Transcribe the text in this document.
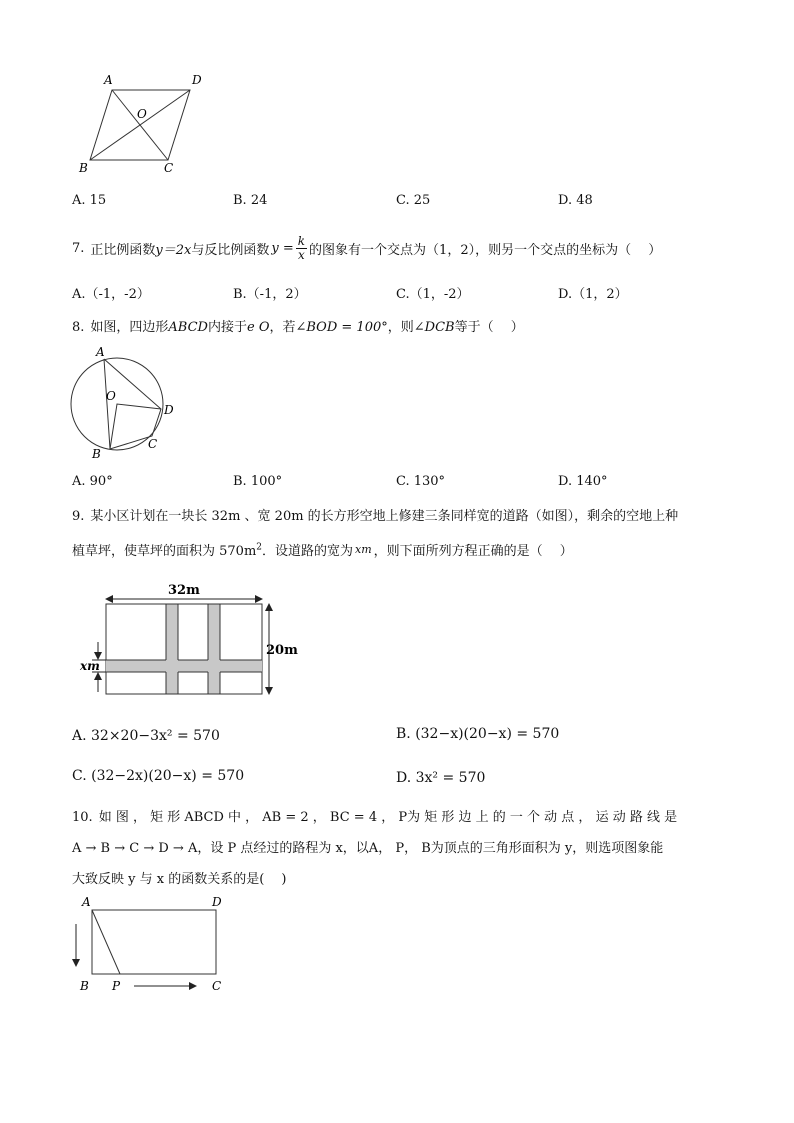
A	D
O
B	C
A. 15	B. 24	C. 25	D. 48
7. 正比例函数 y＝2x 与反比例函数 $y = \frac{k}{x}$ 的图象有一个交点为（1，2），则另一个交点的坐标为（　 ）
A.（-1，-2）	B.（-1，2）	C.（1，-2）	D.（1，2）
8. 如图，四边形ABCD内接于e O，若∠BOD = 100°，则∠DCB等于（　 ）
A
O
D
C
B
A. 90°	B. 100°	C. 130°	D. 140°
9. 某小区计划在一块长 32m 、宽 20m 的长方形空地上修建三条同样宽的道路（如图），剩余的空地上种
植草坪，使草坪的面积为 $570m^2$．设道路的宽为 xm ，则下面所列方程正确的是（　 ）
32m
20m
xm
A. 32×20−3x² = 570	B. (32−x)(20−x) = 570
C. (32−2x)(20−x) = 570	D. 3x² = 570
10. 如 图 ， 矩 形 ABCD 中 ， AB = 2 ， BC = 4 ， P为 矩 形 边 上 的 一 个 动 点 ， 运 动 路 线 是
A → B → C → D → A，设 P 点经过的路程为 x，以A， P， B为顶点的三角形面积为 y，则选项图象能
大致反映 y 与 x 的函数关系的是(　 )
A	D
B P	C
